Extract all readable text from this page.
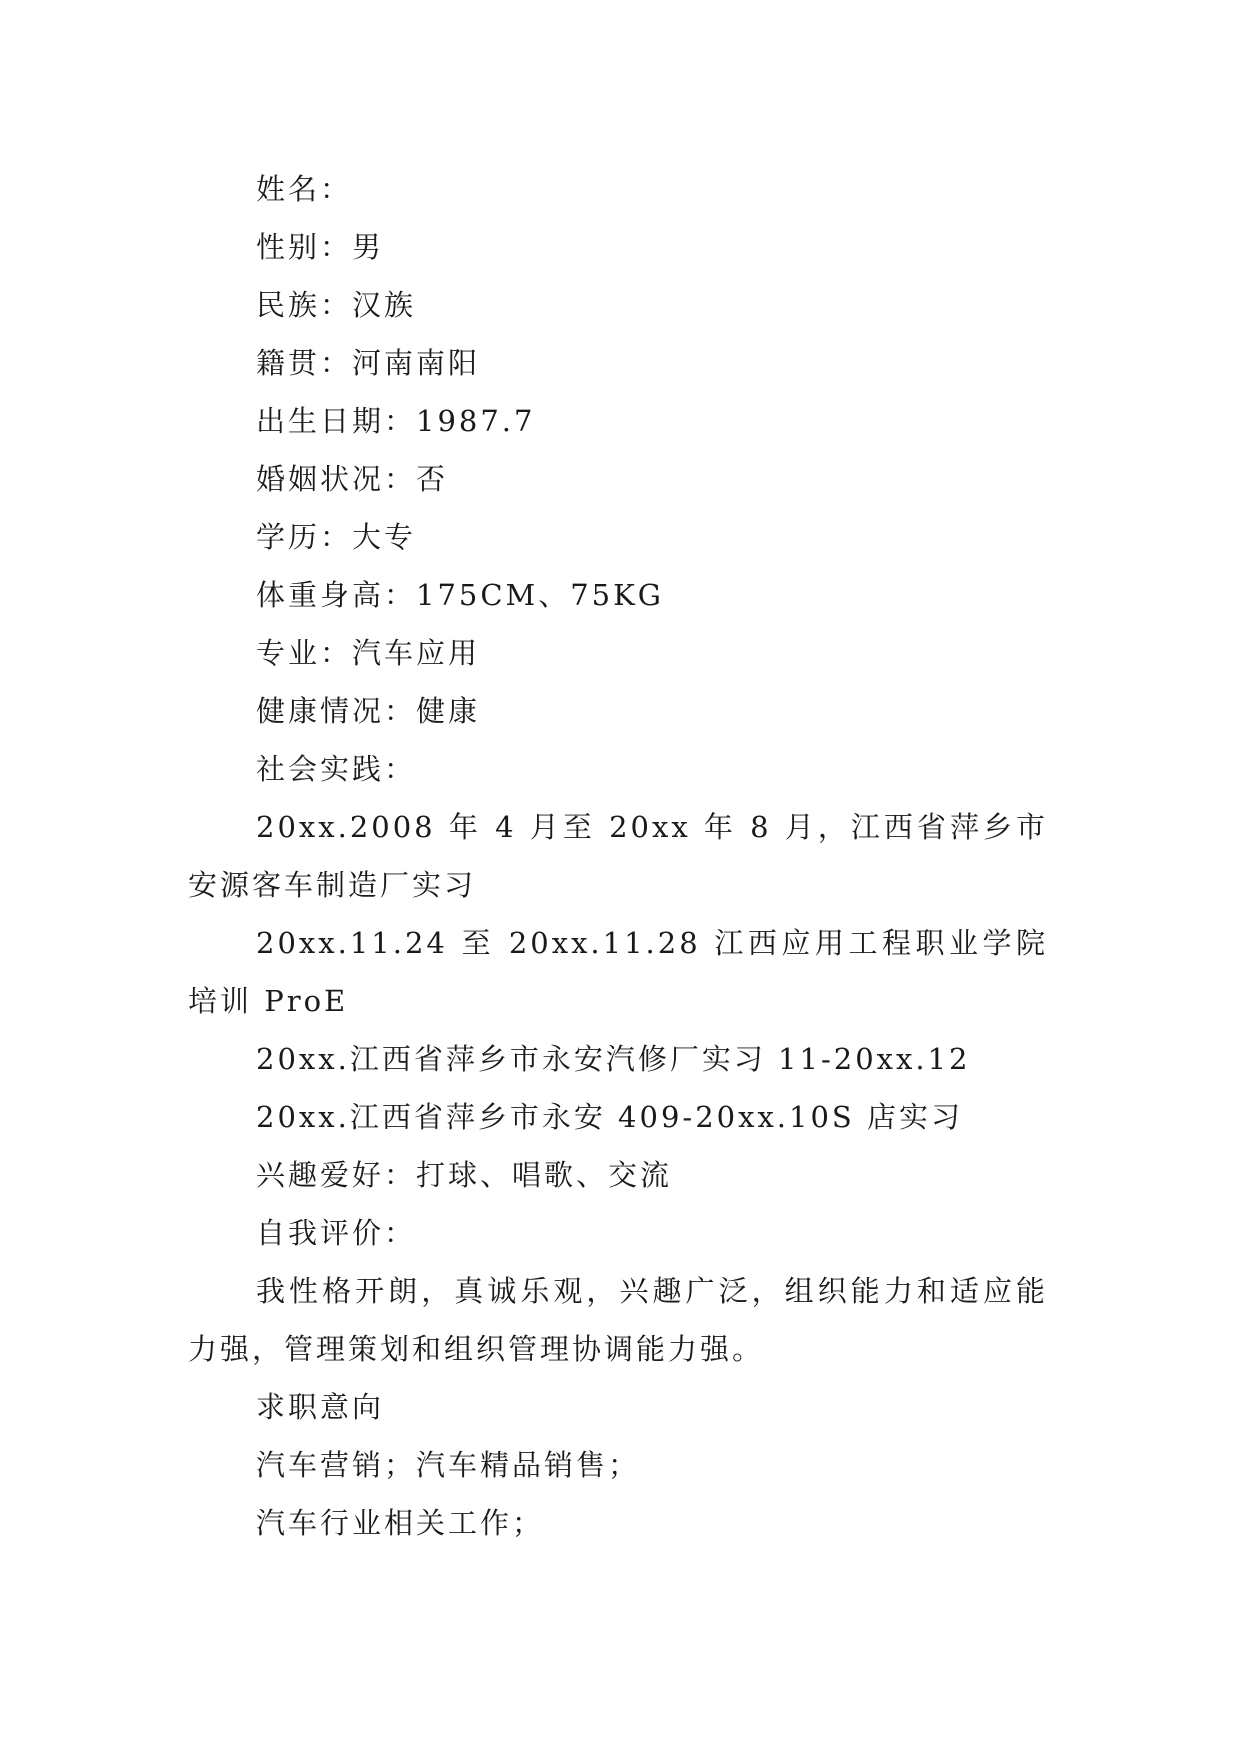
姓名：

性别：男

民族：汉族

籍贯：河南南阳

出生日期：1987.7

婚姻状况：否

学历：大专

体重身高：175CM、75KG

专业：汽车应用

健康情况：健康

社会实践：

20xx.2008 年 4 月至 20xx 年 8 月，江西省萍乡市安源客车制造厂实习

20xx.11.24 至 20xx.11.28 江西应用工程职业学院培训 ProE

20xx.江西省萍乡市永安汽修厂实习 11-20xx.12

20xx.江西省萍乡市永安 409-20xx.10S 店实习

兴趣爱好：打球、唱歌、交流

自我评价：

我性格开朗，真诚乐观，兴趣广泛，组织能力和适应能力强，管理策划和组织管理协调能力强。

求职意向

汽车营销；汽车精品销售；

汽车行业相关工作；
